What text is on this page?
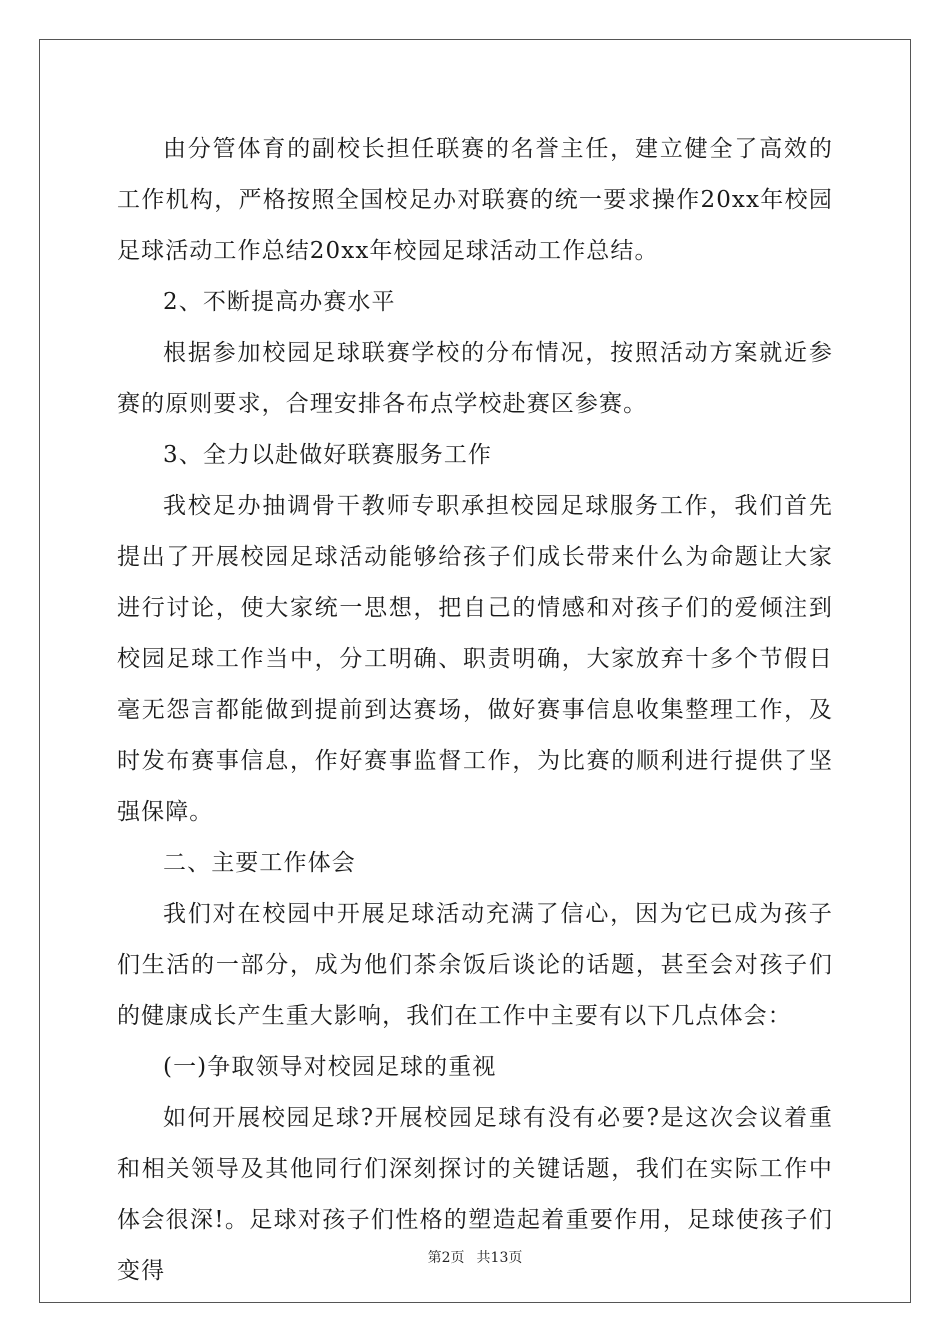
由分管体育的副校长担任联赛的名誉主任，建立健全了高效的工作机构，严格按照全国校足办对联赛的统一要求操作20xx年校园足球活动工作总结20xx年校园足球活动工作总结。

2、不断提高办赛水平

根据参加校园足球联赛学校的分布情况，按照活动方案就近参赛的原则要求，合理安排各布点学校赴赛区参赛。

3、全力以赴做好联赛服务工作

我校足办抽调骨干教师专职承担校园足球服务工作，我们首先提出了开展校园足球活动能够给孩子们成长带来什么为命题让大家进行讨论，使大家统一思想，把自己的情感和对孩子们的爱倾注到校园足球工作当中，分工明确、职责明确，大家放弃十多个节假日毫无怨言都能做到提前到达赛场，做好赛事信息收集整理工作，及时发布赛事信息，作好赛事监督工作，为比赛的顺利进行提供了坚强保障。

二、主要工作体会

我们对在校园中开展足球活动充满了信心，因为它已成为孩子们生活的一部分，成为他们茶余饭后谈论的话题，甚至会对孩子们的健康成长产生重大影响，我们在工作中主要有以下几点体会：

(一)争取领导对校园足球的重视

如何开展校园足球?开展校园足球有没有必要?是这次会议着重和相关领导及其他同行们深刻探讨的关键话题，我们在实际工作中体会很深!。足球对孩子们性格的塑造起着重要作用，足球使孩子们变得	第2页 共13页
